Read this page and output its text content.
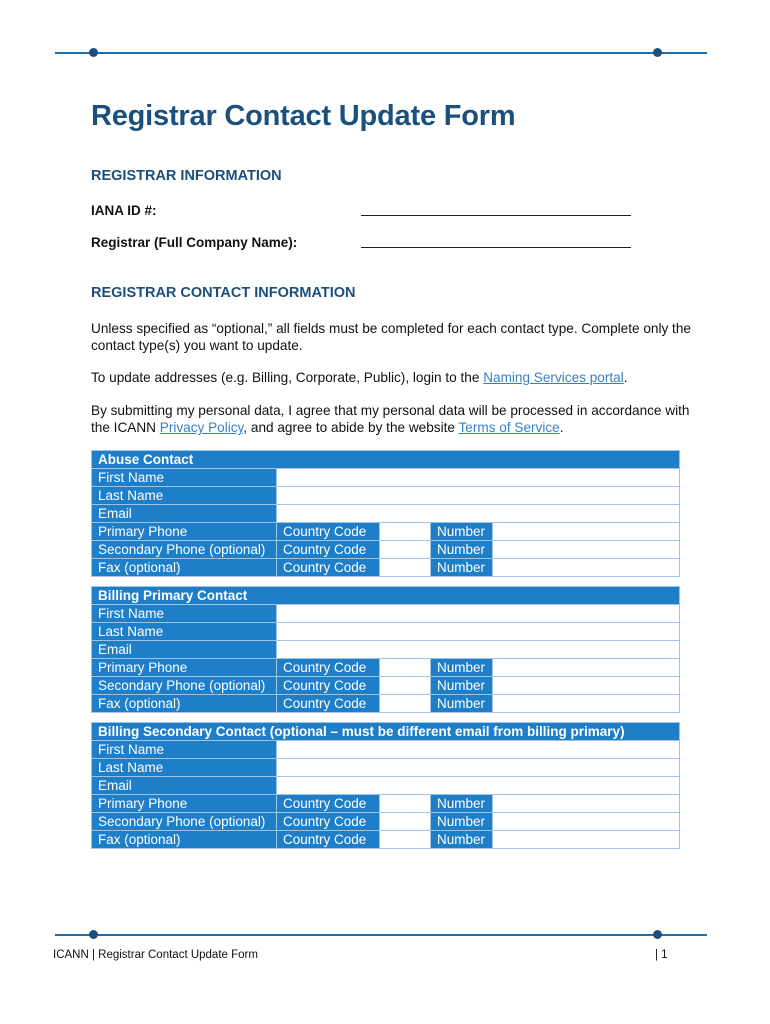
Registrar Contact Update Form
REGISTRAR INFORMATION
IANA ID #:
Registrar (Full Company Name):
REGISTRAR CONTACT INFORMATION

Unless specified as “optional,” all fields must be completed for each contact type. Complete only the contact type(s) you want to update.

To update addresses (e.g. Billing, Corporate, Public), login to the Naming Services portal.

By submitting my personal data, I agree that my personal data will be processed in accordance with the ICANN Privacy Policy, and agree to abide by the website Terms of Service.

Abuse Contact				
First Name				
Last Name				
Email				
Primary Phone	Country Code		Number	
Secondary Phone (optional)	Country Code		Number	
Fax (optional)	Country Code		Number	
Billing Primary Contact				
First Name				
Last Name				
Email				
Primary Phone	Country Code		Number	
Secondary Phone (optional)	Country Code		Number	
Fax (optional)	Country Code		Number	
Billing Secondary Contact (optional – must be different email from billing primary)				
First Name				
Last Name				
Email				
Primary Phone	Country Code		Number	
Secondary Phone (optional)	Country Code		Number	
Fax (optional)	Country Code		Number	
ICANN | Registrar Contact Update Form	| 1
